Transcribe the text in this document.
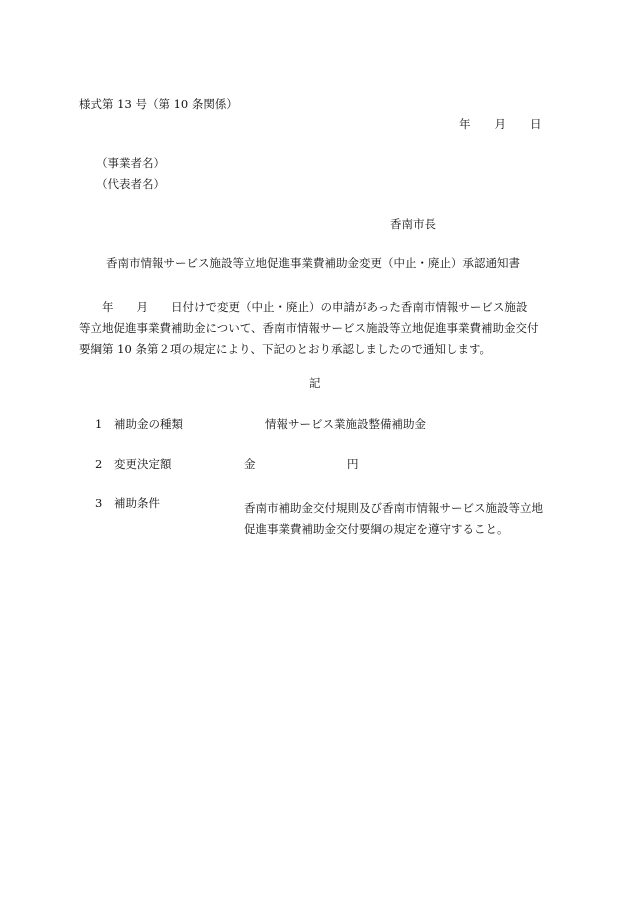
様式第 13 号（第 10 条関係）
年 月 日
（事業者名）
（代表者名）
香南市長
香南市情報サービス施設等立地促進事業費補助金変更（中止・廃止）承認通知書
　　年　　月　　日付けで変更（中止・廃止）の申請があった香南市情報サービス施設
等立地促進事業費補助金について、香南市情報サービス施設等立地促進事業費補助金交付
要綱第 10 条第２項の規定により、下記のとおり承認しましたので通知します。
記
1 補助金の種類	情報サービス業施設整備補助金
2 変更決定額	金	円
3 補助条件	香南市補助金交付規則及び香南市情報サービス施設等立地
促進事業費補助金交付要綱の規定を遵守すること。
